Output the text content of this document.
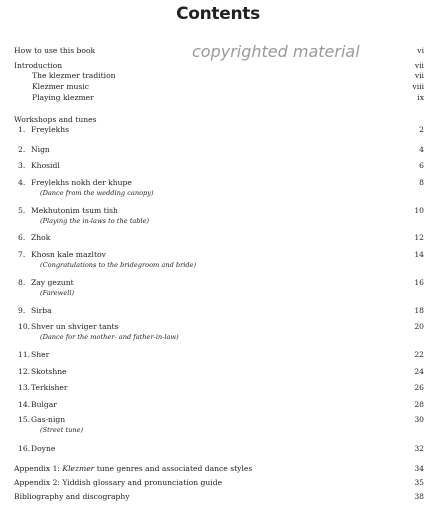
Contents
copyrighted material
How to use this book	vi
Introduction	vii
The klezmer tradition	vii
Klezmer music	viii
Playing klezmer	ix
Workshops and tunes
1. Freylekhs	2
2. Nign	4
3. Khosidl	6
4. Freylekhs nokh der khupe	8
(Dance from the wedding canopy)
5. Mekhutonim tsum tish	10
(Playing the in-laws to the table)
6. Zhok	12
7. Khosn kale mazltov	14
(Congratulations to the bridegroom and bride)
8. Zay gezunt	16
(Farewell)
9. Sirba	18
10.Shver un shviger tants	20
(Dance for the mother- and father-in-law)
11.Sher	22
12.Skotshne	24
13.Terkisher	26
14.Bulgar	28
15.Gas-nign	30
(Street tune)
16.Doyne	32
Appendix 1: Klezmer tune genres and associated dance styles	34
Appendix 2: Yiddish glossary and pronunciation guide	35
Bibliography and discography	38
